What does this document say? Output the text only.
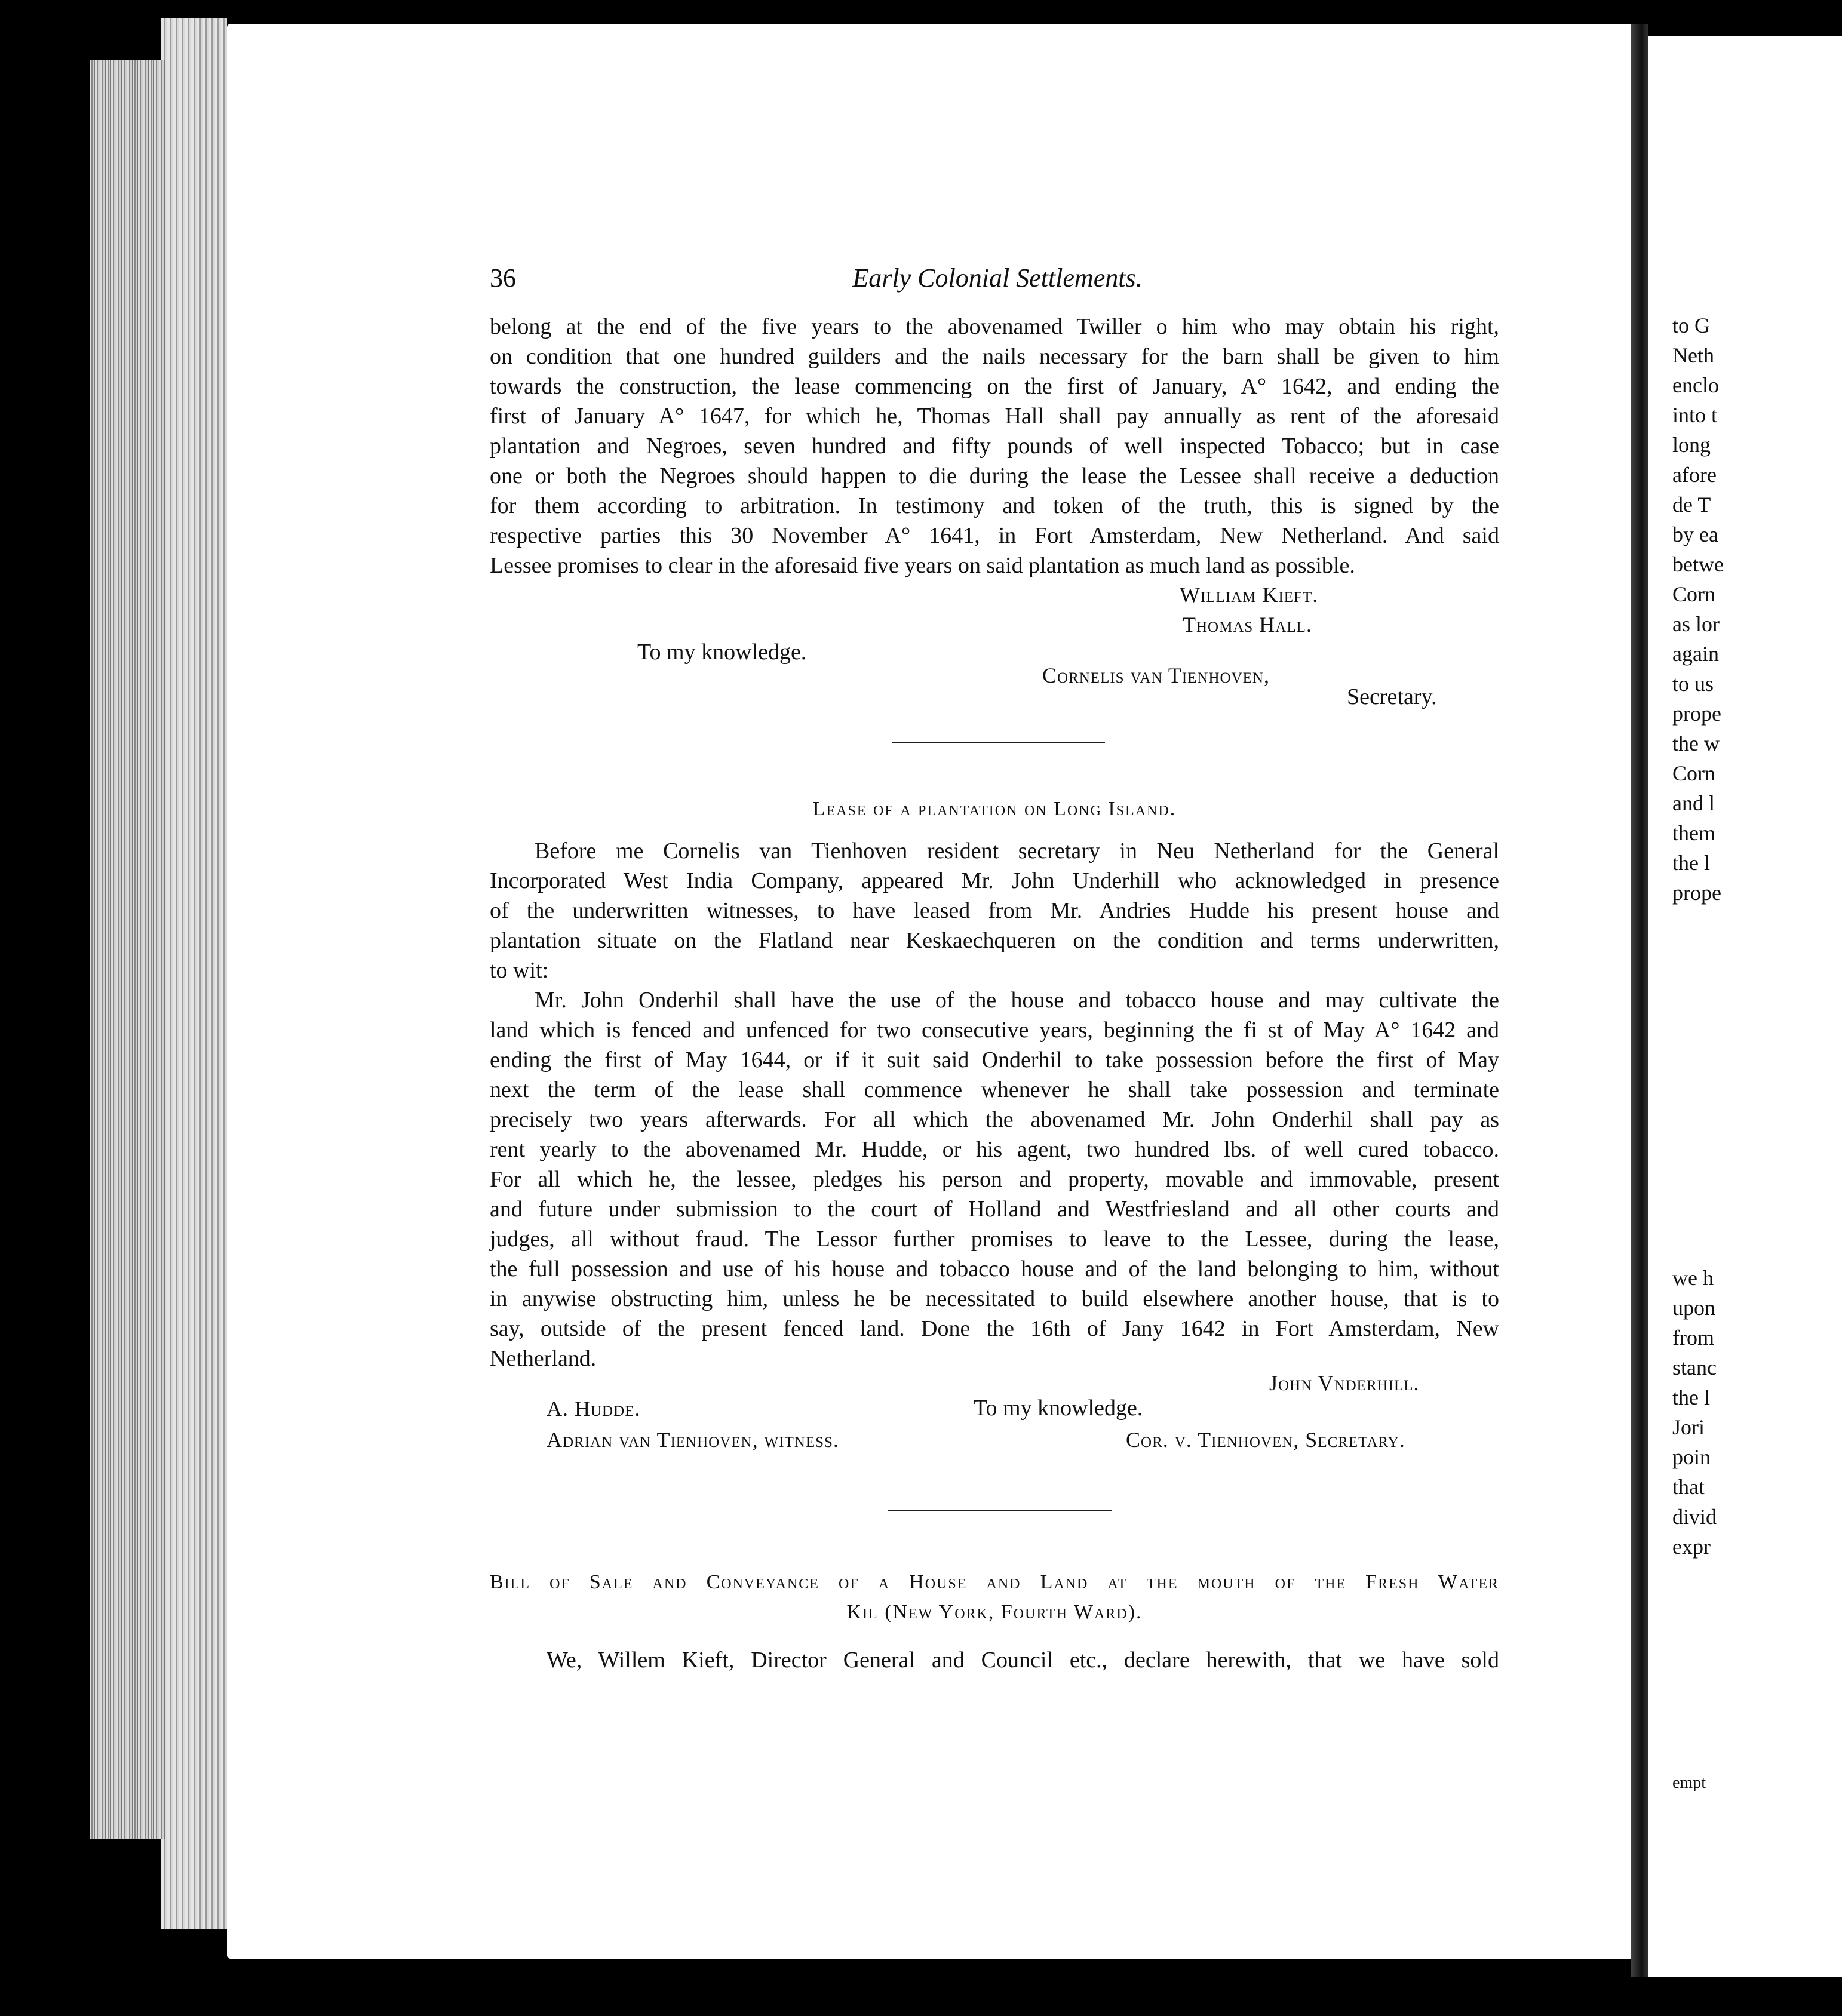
to G
Neth
enclo
into t
long
afore
de T
by ea
betwe
Corn
as lor
again
to us
prope
the w
Corn
and l
them
the l
prope
we h
upon
from
stanc
the l
Jori
poin
that
divid
expr
empt
36	Early Colonial Settlements.
belong at the end of the five years to the abovenamed Twiller o him who may obtain his right,
on condition that one hundred guilders and the nails necessary for the barn shall be given to him
towards the construction, the lease commencing on the first of January, A° 1642, and ending the
first of January A° 1647, for which he, Thomas Hall shall pay annually as rent of the aforesaid
plantation and Negroes, seven hundred and fifty pounds of well inspected Tobacco; but in case
one or both the Negroes should happen to die during the lease the Lessee shall receive a deduction
for them according to arbitration. In testimony and token of the truth, this is signed by the
respective parties this 30 November A° 1641, in Fort Amsterdam, New Netherland. And said
Lessee promises to clear in the aforesaid five years on said plantation as much land as possible.
William Kieft.
Thomas Hall.
To my knowledge.
Cornelis van Tienhoven,
Secretary.
Lease of a plantation on Long Island.
Before me Cornelis van Tienhoven resident secretary in Neu Netherland for the General
Incorporated West India Company, appeared Mr. John Underhill who acknowledged in presence
of the underwritten witnesses, to have leased from Mr. Andries Hudde his present house and
plantation situate on the Flatland near Keskaechqueren on the condition and terms underwritten,
to wit:
Mr. John Onderhil shall have the use of the house and tobacco house and may cultivate the
land which is fenced and unfenced for two consecutive years, beginning the fi st of May A° 1642 and
ending the first of May 1644, or if it suit said Onderhil to take possession before the first of May
next the term of the lease shall commence whenever he shall take possession and terminate
precisely two years afterwards. For all which the abovenamed Mr. John Onderhil shall pay as
rent yearly to the abovenamed Mr. Hudde, or his agent, two hundred lbs. of well cured tobacco.
For all which he, the lessee, pledges his person and property, movable and immovable, present
and future under submission to the court of Holland and Westfriesland and all other courts and
judges, all without fraud. The Lessor further promises to leave to the Lessee, during the lease,
the full possession and use of his house and tobacco house and of the land belonging to him, without
in anywise obstructing him, unless he be necessitated to build elsewhere another house, that is to
say, outside of the present fenced land. Done the 16th of Jany 1642 in Fort Amsterdam, New
Netherland.
John Vnderhill.
A. Hudde.	To my knowledge.
Adrian van Tienhoven, witness.	Cor. v. Tienhoven, Secretary.
Bill of Sale and Conveyance of a House and Land at the mouth of the Fresh Water
Kil (New York, Fourth Ward).
We, Willem Kieft, Director General and Council etc., declare herewith, that we have sold
